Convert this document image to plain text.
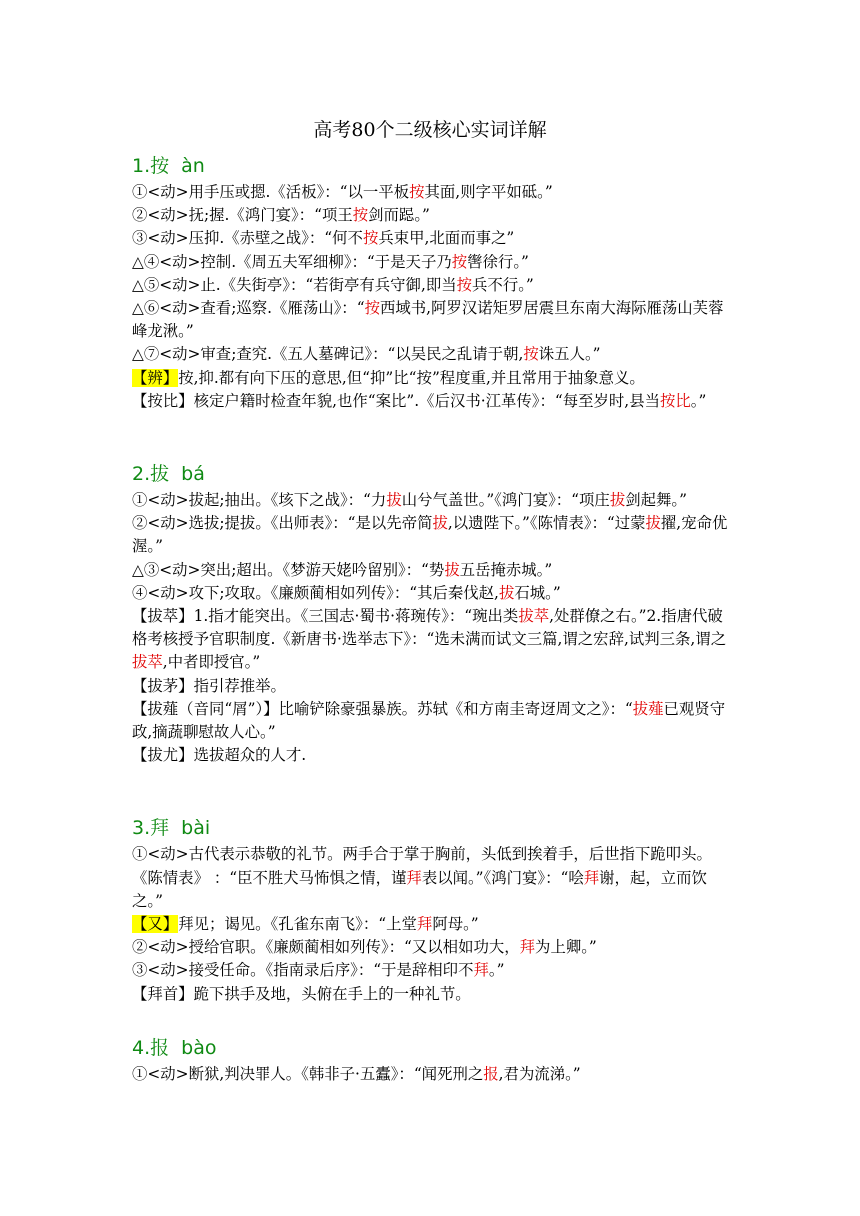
高考80个二级核心实词详解
1.按 àn

①<动>用手压或摁.《活板》：“以一平板按其面,则字平如砥。”

②<动>抚;握.《鸿门宴》：“项王按剑而跽。”

③<动>压抑.《赤壁之战》：“何不按兵束甲,北面而事之”

△④<动>控制.《周五夫军细柳》：“于是天子乃按辔徐行。”

△⑤<动>止.《失街亭》：“若街亭有兵守御,即当按兵不行。”

△⑥<动>查看;巡察.《雁荡山》：“按西域书,阿罗汉诺矩罗居震旦东南大海际雁荡山芙蓉峰龙湫。”

△⑦<动>审查;查究.《五人墓碑记》：“以吴民之乱请于朝,按诛五人。”

【辨】按,抑.都有向下压的意思,但“抑”比“按”程度重,并且常用于抽象意义。

【按比】核定户籍时检查年貌,也作“案比”.《后汉书·江革传》：“每至岁时,县当按比。”

2.拔 bá

①<动>拔起;抽出。《垓下之战》：“力拔山兮气盖世。”《鸿门宴》：“项庄拔剑起舞。”

②<动>选拔;提拔。《出师表》：“是以先帝简拔,以遗陛下。”《陈情表》：“过蒙拔擢,宠命优渥。”

△③<动>突出;超出。《梦游天姥吟留别》：“势拔五岳掩赤城。”

④<动>攻下;攻取。《廉颇蔺相如列传》：“其后秦伐赵,拔石城。”

【拔萃】1.指才能突出。《三国志·蜀书·蒋琬传》：“琬出类拔萃,处群僚之右。”2.指唐代破格考核授予官职制度.《新唐书·选举志下》：“选未满而试文三篇,谓之宏辞,试判三条,谓之拔萃,中者即授官。”

【拔茅】指引荐推举。

【拔薤（音同“屑”）】比喻铲除豪强暴族。苏轼《和方南圭寄迓周文之》：“拔薤已观贤守政,摘蔬聊慰故人心。”

【拔尤】选拔超众的人才.

3.拜 bài

①<动>古代表示恭敬的礼节。两手合于掌于胸前，头低到挨着手，后世指下跪叩头。《陈情表》 ：“臣不胜犬马怖惧之情，谨拜表以闻。”《鸿门宴》：“哙拜谢，起，立而饮之。”

【又】拜见；谒见。《孔雀东南飞》：“上堂拜阿母。”

②<动>授给官职。《廉颇蔺相如列传》：“又以相如功大，拜为上卿。”

③<动>接受任命。《指南录后序》：“于是辞相印不拜。”

【拜首】跪下拱手及地，头俯在手上的一种礼节。

4.报 bào

①<动>断狱,判决罪人。《韩非子·五蠹》：“闻死刑之报,君为流涕。”
